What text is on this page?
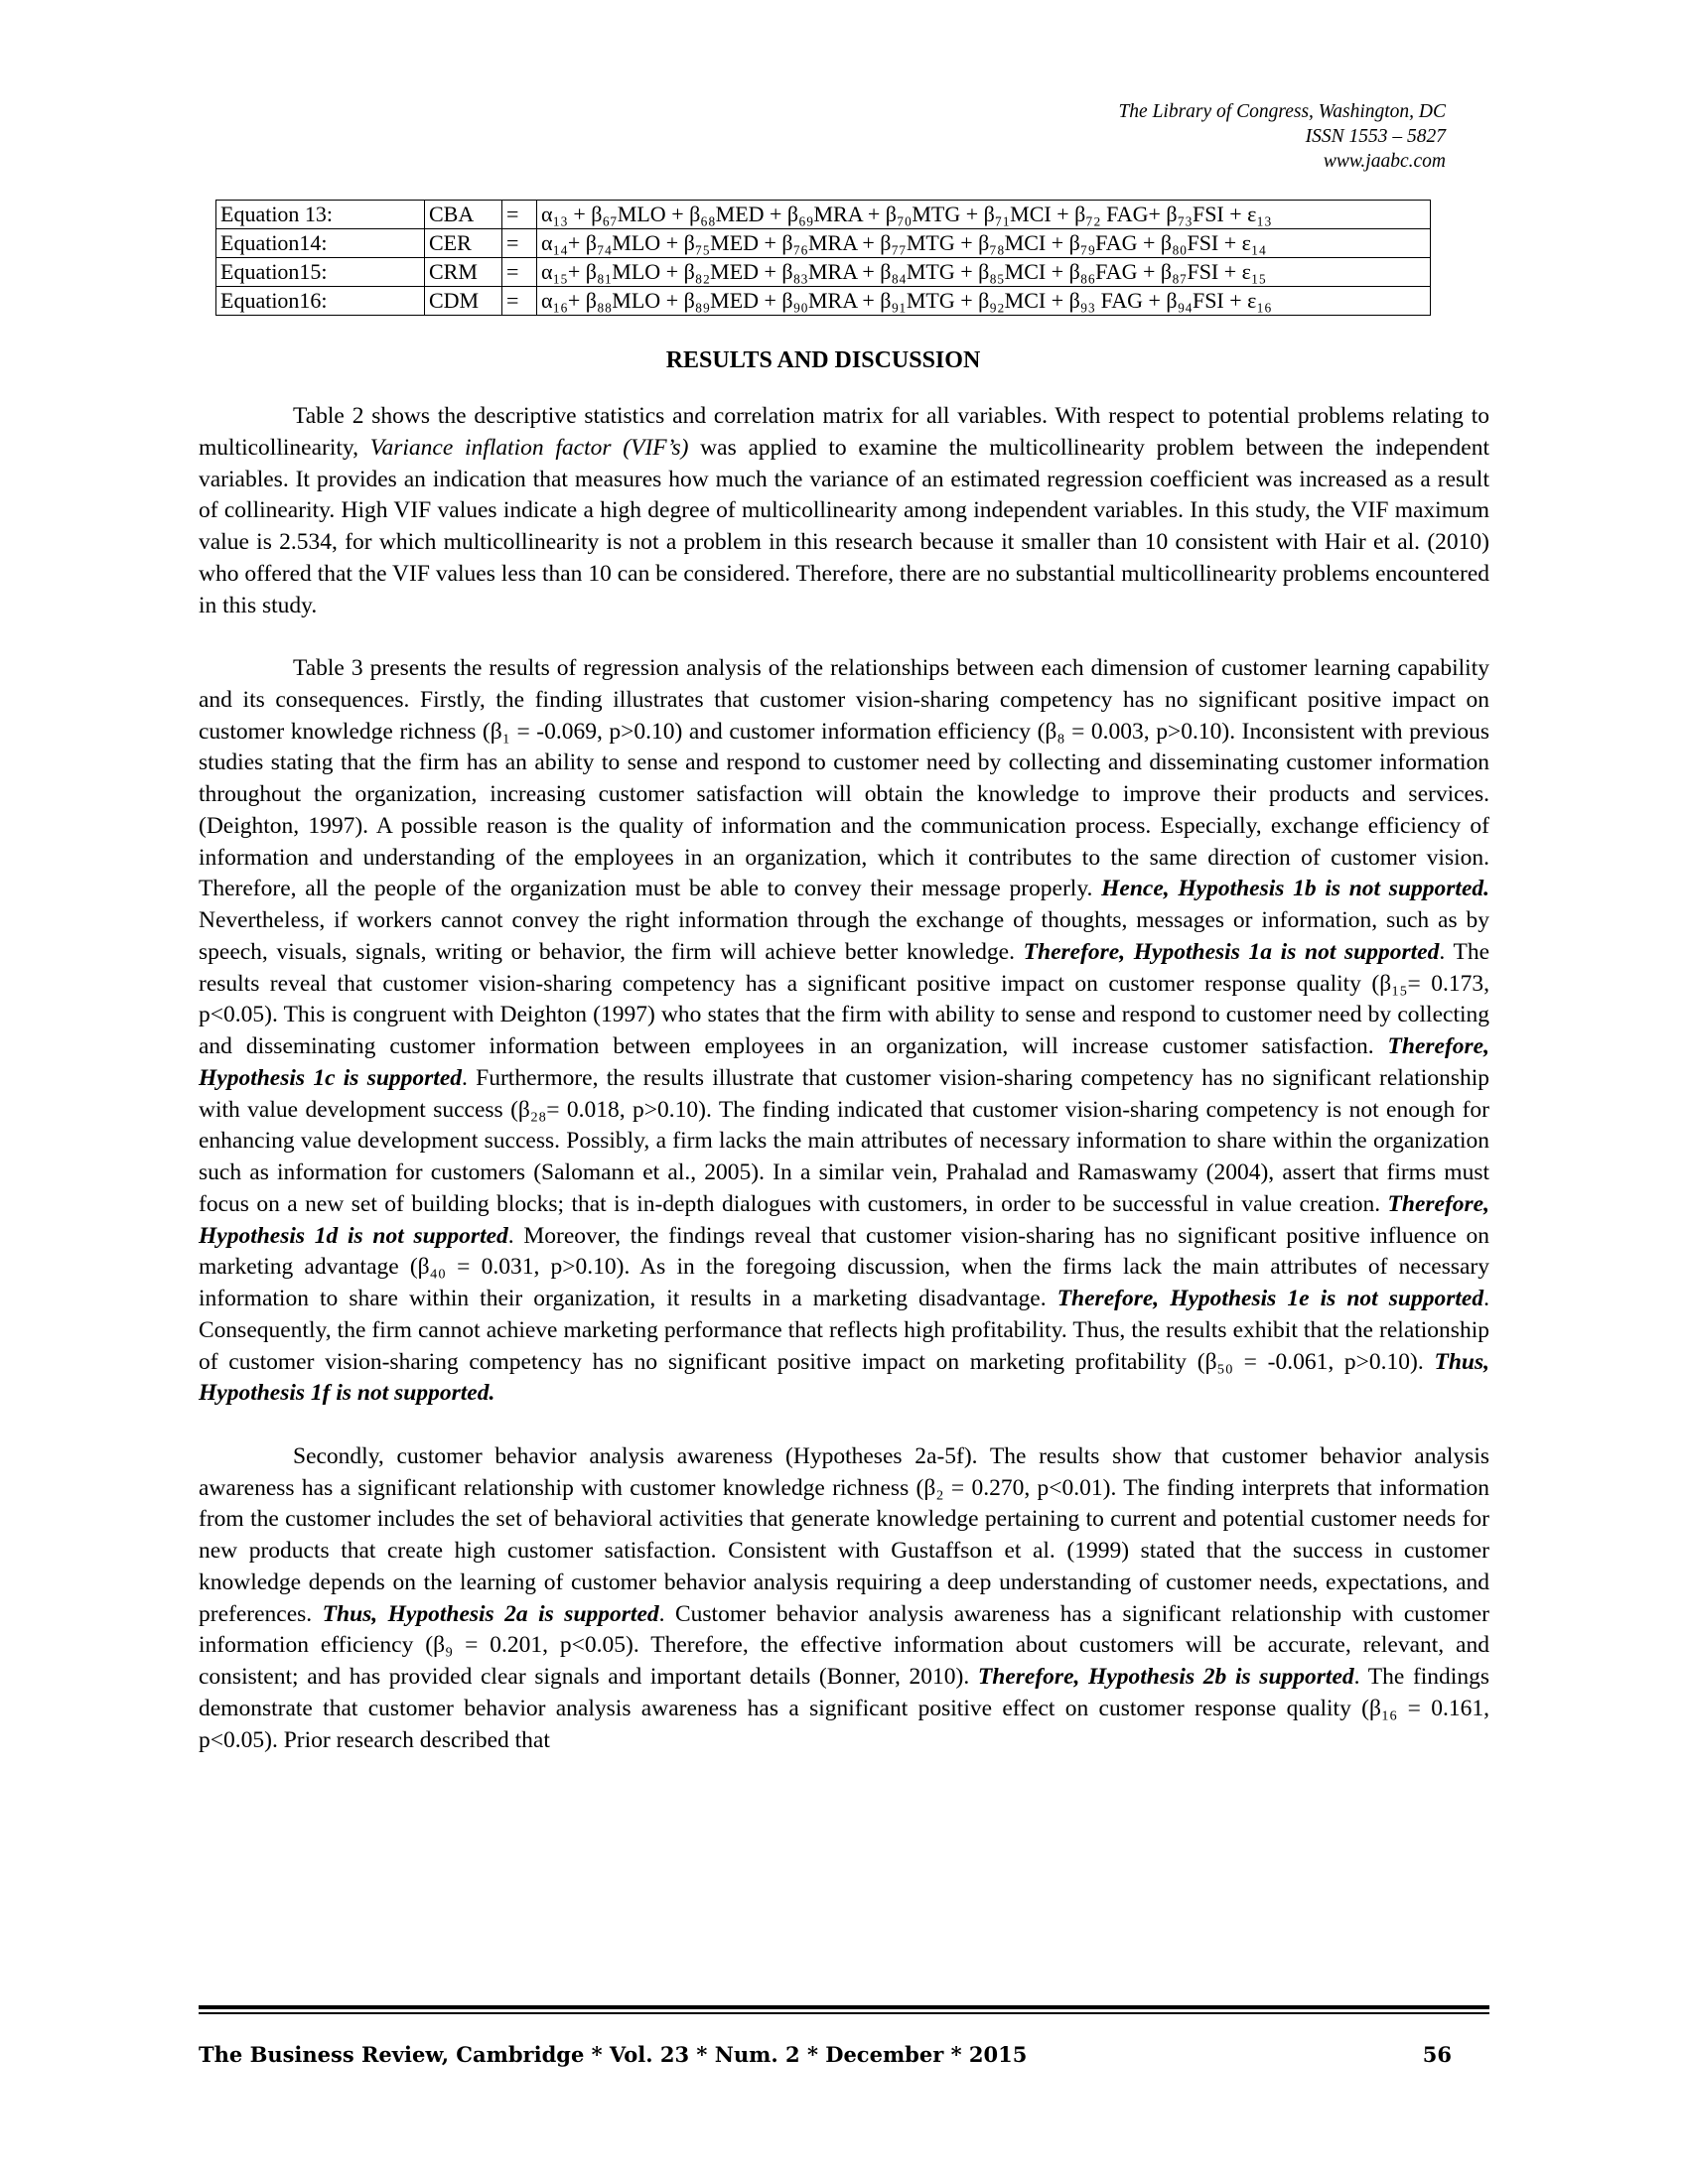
The Library of Congress, Washington, DC
ISSN 1553 – 5827
www.jaabc.com
Equation 13:	CBA	=	α₁₃ + β₆₇MLO + β₆₈MED + β₆₉MRA + β₇₀MTG + β₇₁MCI + β₇₂ FAG+ β₇₃FSI + ε₁₃
Equation14:	CER	=	α₁₄+ β₇₄MLO + β₇₅MED + β₇₆MRA + β₇₇MTG + β₇₈MCI + β₇₉FAG + β₈₀FSI + ε₁₄
Equation15:	CRM	=	α₁₅+ β₈₁MLO + β₈₂MED + β₈₃MRA + β₈₄MTG + β₈₅MCI + β₈₆FAG + β₈₇FSI + ε₁₅
Equation16:	CDM	=	α₁₆+ β₈₈MLO + β₈₉MED + β₉₀MRA + β₉₁MTG + β₉₂MCI + β₉₃ FAG + β₉₄FSI + ε₁₆
RESULTS AND DISCUSSION

Table 2 shows the descriptive statistics and correlation matrix for all variables. With respect to potential problems relating to multicollinearity, Variance inflation factor (VIF’s) was applied to examine the multicollinearity problem between the independent variables. It provides an indication that measures how much the variance of an estimated regression coefficient was increased as a result of collinearity. High VIF values indicate a high degree of multicollinearity among independent variables. In this study, the VIF maximum value is 2.534, for which multicollinearity is not a problem in this research because it smaller than 10 consistent with Hair et al. (2010) who offered that the VIF values less than 10 can be considered. Therefore, there are no substantial multicollinearity problems encountered in this study.

Table 3 presents the results of regression analysis of the relationships between each dimension of customer learning capability and its consequences. Firstly, the finding illustrates that customer vision-sharing competency has no significant positive impact on customer knowledge richness (β₁ = -0.069, p>0.10) and customer information efficiency (β₈ = 0.003, p>0.10). Inconsistent with previous studies stating that the firm has an ability to sense and respond to customer need by collecting and disseminating customer information throughout the organization, increasing customer satisfaction will obtain the knowledge to improve their products and services. (Deighton, 1997). A possible reason is the quality of information and the communication process. Especially, exchange efficiency of information and understanding of the employees in an organization, which it contributes to the same direction of customer vision. Therefore, all the people of the organization must be able to convey their message properly. Hence, Hypothesis 1b is not supported. Nevertheless, if workers cannot convey the right information through the exchange of thoughts, messages or information, such as by speech, visuals, signals, writing or behavior, the firm will achieve better knowledge. Therefore, Hypothesis 1a is not supported. The results reveal that customer vision-sharing competency has a significant positive impact on customer response quality (β₁₅= 0.173, p<0.05). This is congruent with Deighton (1997) who states that the firm with ability to sense and respond to customer need by collecting and disseminating customer information between employees in an organization, will increase customer satisfaction. Therefore, Hypothesis 1c is supported. Furthermore, the results illustrate that customer vision-sharing competency has no significant relationship with value development success (β₂₈= 0.018, p>0.10). The finding indicated that customer vision-sharing competency is not enough for enhancing value development success. Possibly, a firm lacks the main attributes of necessary information to share within the organization such as information for customers (Salomann et al., 2005). In a similar vein, Prahalad and Ramaswamy (2004), assert that firms must focus on a new set of building blocks; that is in-depth dialogues with customers, in order to be successful in value creation. Therefore, Hypothesis 1d is not supported. Moreover, the findings reveal that customer vision-sharing has no significant positive influence on marketing advantage (β₄₀ = 0.031, p>0.10). As in the foregoing discussion, when the firms lack the main attributes of necessary information to share within their organization, it results in a marketing disadvantage. Therefore, Hypothesis 1e is not supported. Consequently, the firm cannot achieve marketing performance that reflects high profitability. Thus, the results exhibit that the relationship of customer vision-sharing competency has no significant positive impact on marketing profitability (β₅₀ = -0.061, p>0.10). Thus, Hypothesis 1f is not supported.

Secondly, customer behavior analysis awareness (Hypotheses 2a-5f). The results show that customer behavior analysis awareness has a significant relationship with customer knowledge richness (β₂ = 0.270, p<0.01). The finding interprets that information from the customer includes the set of behavioral activities that generate knowledge pertaining to current and potential customer needs for new products that create high customer satisfaction. Consistent with Gustaffson et al. (1999) stated that the success in customer knowledge depends on the learning of customer behavior analysis requiring a deep understanding of customer needs, expectations, and preferences. Thus, Hypothesis 2a is supported. Customer behavior analysis awareness has a significant relationship with customer information efficiency (β₉ = 0.201, p<0.05). Therefore, the effective information about customers will be accurate, relevant, and consistent; and has provided clear signals and important details (Bonner, 2010). Therefore, Hypothesis 2b is supported. The findings demonstrate that customer behavior analysis awareness has a significant positive effect on customer response quality (β₁₆ = 0.161, p<0.05). Prior research described that

The Business Review, Cambridge * Vol. 23 * Num. 2 * December * 2015	56
